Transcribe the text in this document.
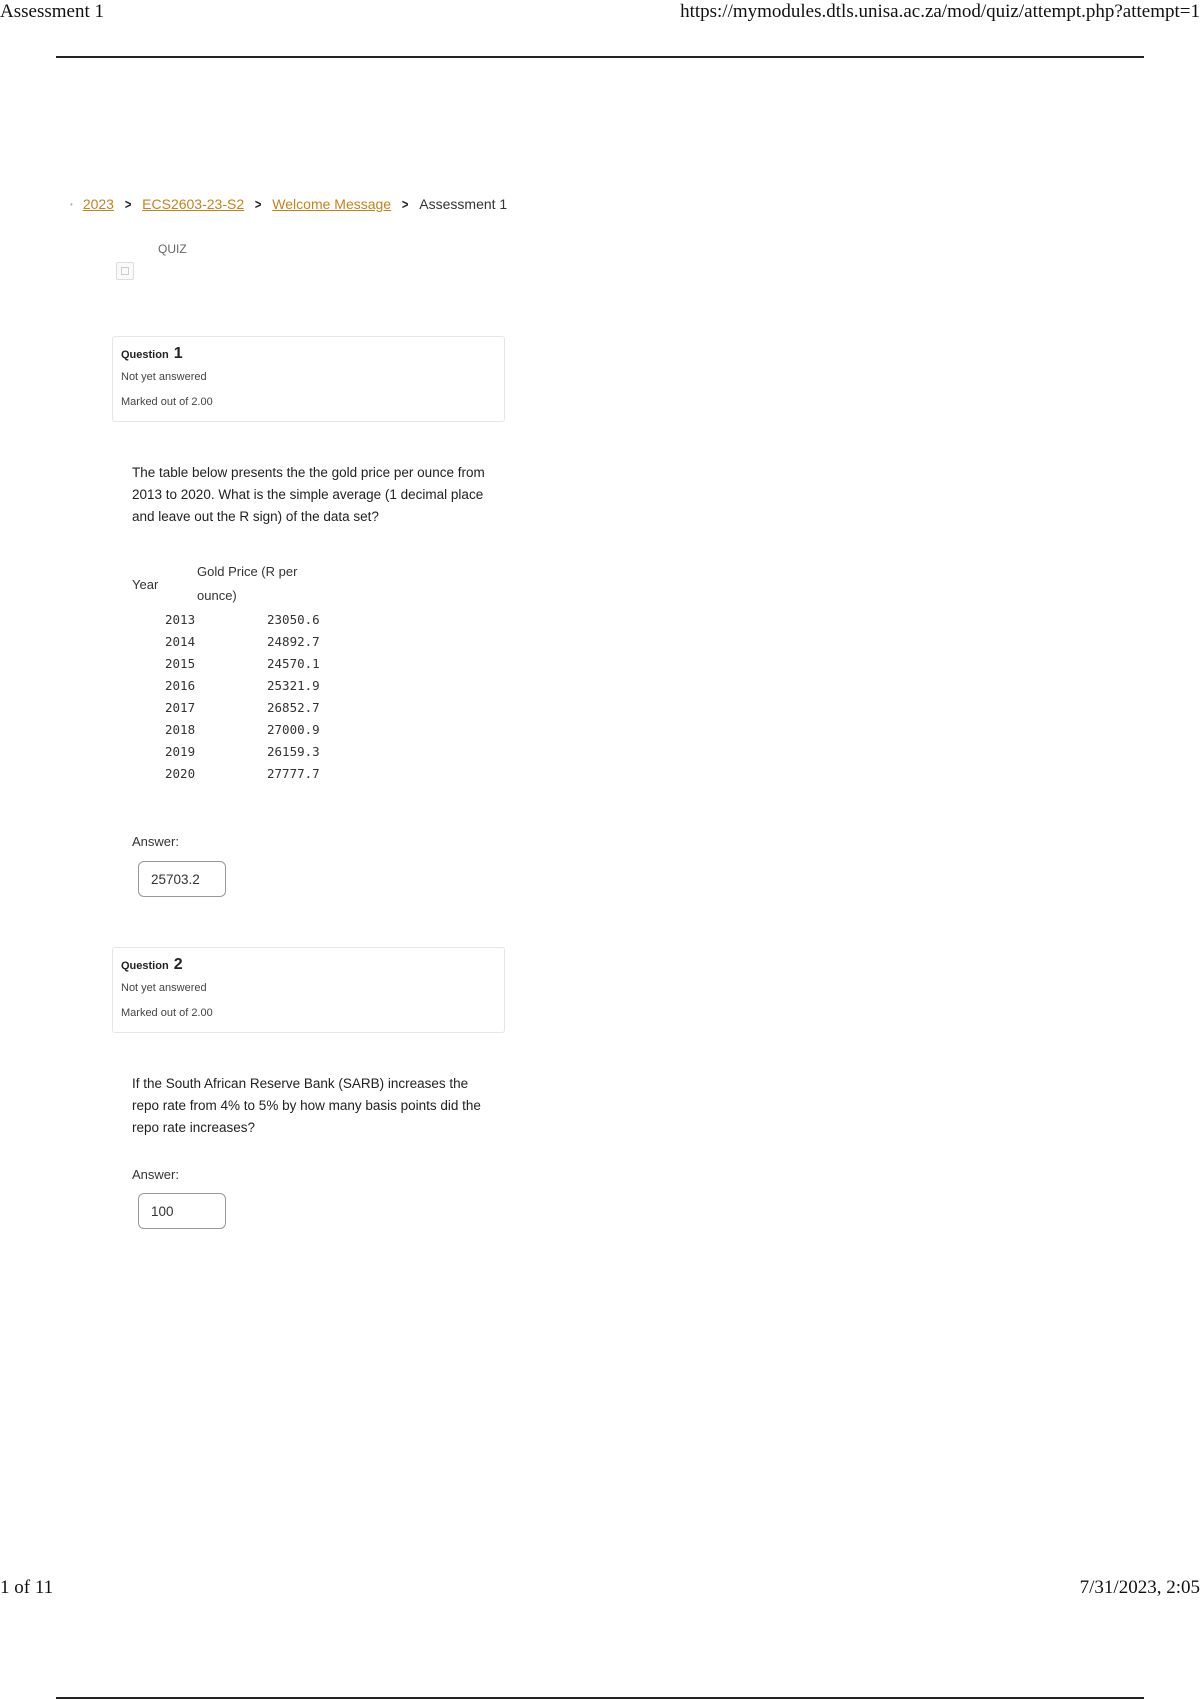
Assessment 1	https://mymodules.dtls.unisa.ac.za/mod/quiz/attempt.php?attempt=1
• 2023 > ECS2603-23-S2 > Welcome Message > Assessment 1
QUIZ
Question 1
Not yet answered
Marked out of 2.00
The table below presents the the gold price per ounce from 2013 to 2020. What is the simple average (1 decimal place and leave out the R sign) of the data set?
Year	Gold Price (R per ounce)
2013	23050.6
2014	24892.7
2015	24570.1
2016	25321.9
2017	26852.7
2018	27000.9
2019	26159.3
2020	27777.7
Answer:
25703.2
Question 2
Not yet answered
Marked out of 2.00
If the South African Reserve Bank (SARB) increases the repo rate from 4% to 5% by how many basis points did the repo rate increases?
Answer:
100
1 of 11	7/31/2023, 2:05
